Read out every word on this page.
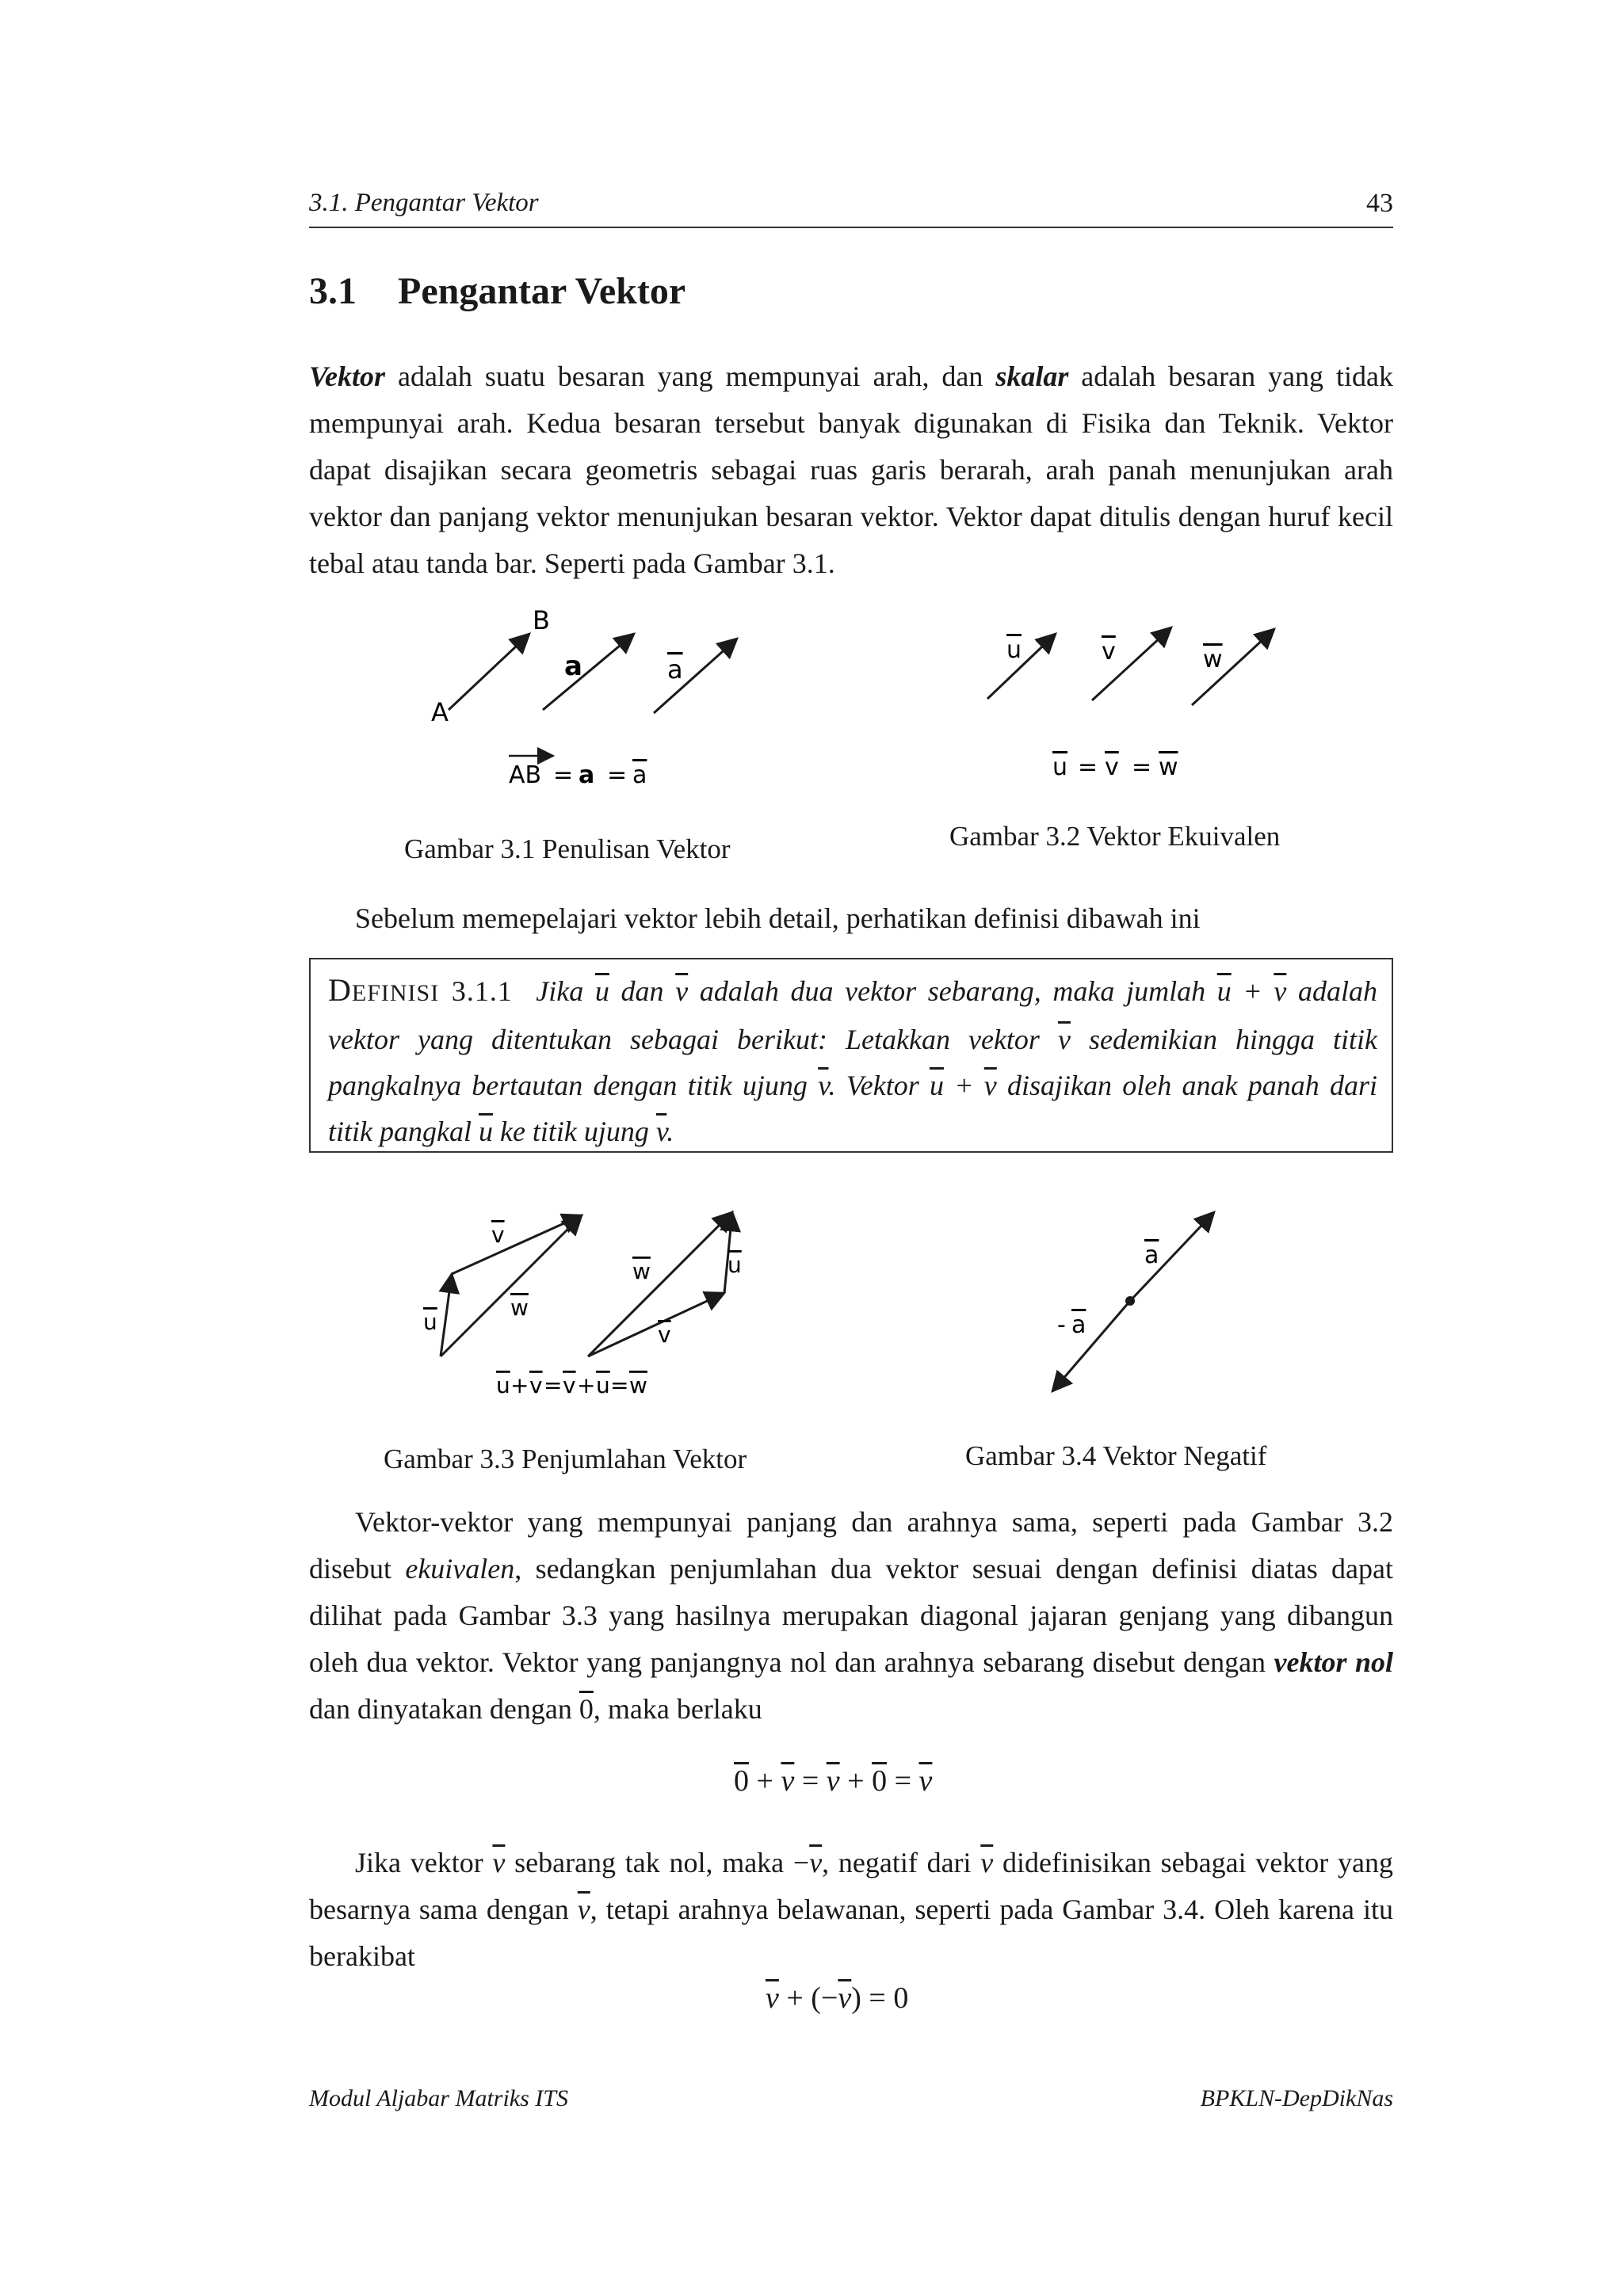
3.1. Pengantar Vektor	43
3.1 Pengantar Vektor
Vektor adalah suatu besaran yang mempunyai arah, dan skalar adalah besaran yang tidak mempunyai arah. Kedua besaran tersebut banyak digunakan di Fisika dan Teknik. Vektor dapat disajikan secara geometris sebagai ruas garis berarah, arah panah menunjukan arah vektor dan panjang vektor menunjukan besaran vektor. Vektor dapat ditulis dengan huruf kecil tebal atau tanda bar. Seperti pada Gambar 3.1.
A
B
a	a
AB = a = a
Gambar 3.1 Penulisan Vektor
u	v	w
u = v = w
Gambar 3.2 Vektor Ekuivalen
Sebelum memepelajari vektor lebih detail, perhatikan definisi dibawah ini
DEFINISI 3.1.1 Jika $\overline{u}$ dan $\overline{v}$ adalah dua vektor sebarang, maka jumlah $\overline{u} + \overline{v}$ adalah vektor yang ditentukan sebagai berikut: Letakkan vektor $\overline{v}$ sedemikian hingga titik pangkalnya bertautan dengan titik ujung $\overline{v}$. Vektor $\overline{u} + \overline{v}$ disajikan oleh anak panah dari titik pangkal $\overline{u}$ ke titik ujung $\overline{v}$.
v
u
w
w	u
v
u + v = v + u = w
Gambar 3.3 Penjumlahan Vektor
a
- a
Gambar 3.4 Vektor Negatif
Vektor-vektor yang mempunyai panjang dan arahnya sama, seperti pada Gambar 3.2 disebut ekuivalen, sedangkan penjumlahan dua vektor sesuai dengan definisi diatas dapat dilihat pada Gambar 3.3 yang hasilnya merupakan diagonal jajaran genjang yang dibangun oleh dua vektor. Vektor yang panjangnya nol dan arahnya sebarang disebut dengan vektor nol dan dinyatakan dengan 0, maka berlaku
$0 + \overline{v} = \overline{v} + 0 = \overline{v}$
Jika vektor $\overline{v}$ sebarang tak nol, maka $-\overline{v}$, negatif dari $\overline{v}$ didefinisikan sebagai vektor yang besarnya sama dengan $\overline{v}$, tetapi arahnya belawanan, seperti pada Gambar 3.4. Oleh karena itu berakibat
$\overline{v} + (-\overline{v}) = 0$
Modul Aljabar Matriks ITS	BPKLN-DepDikNas
